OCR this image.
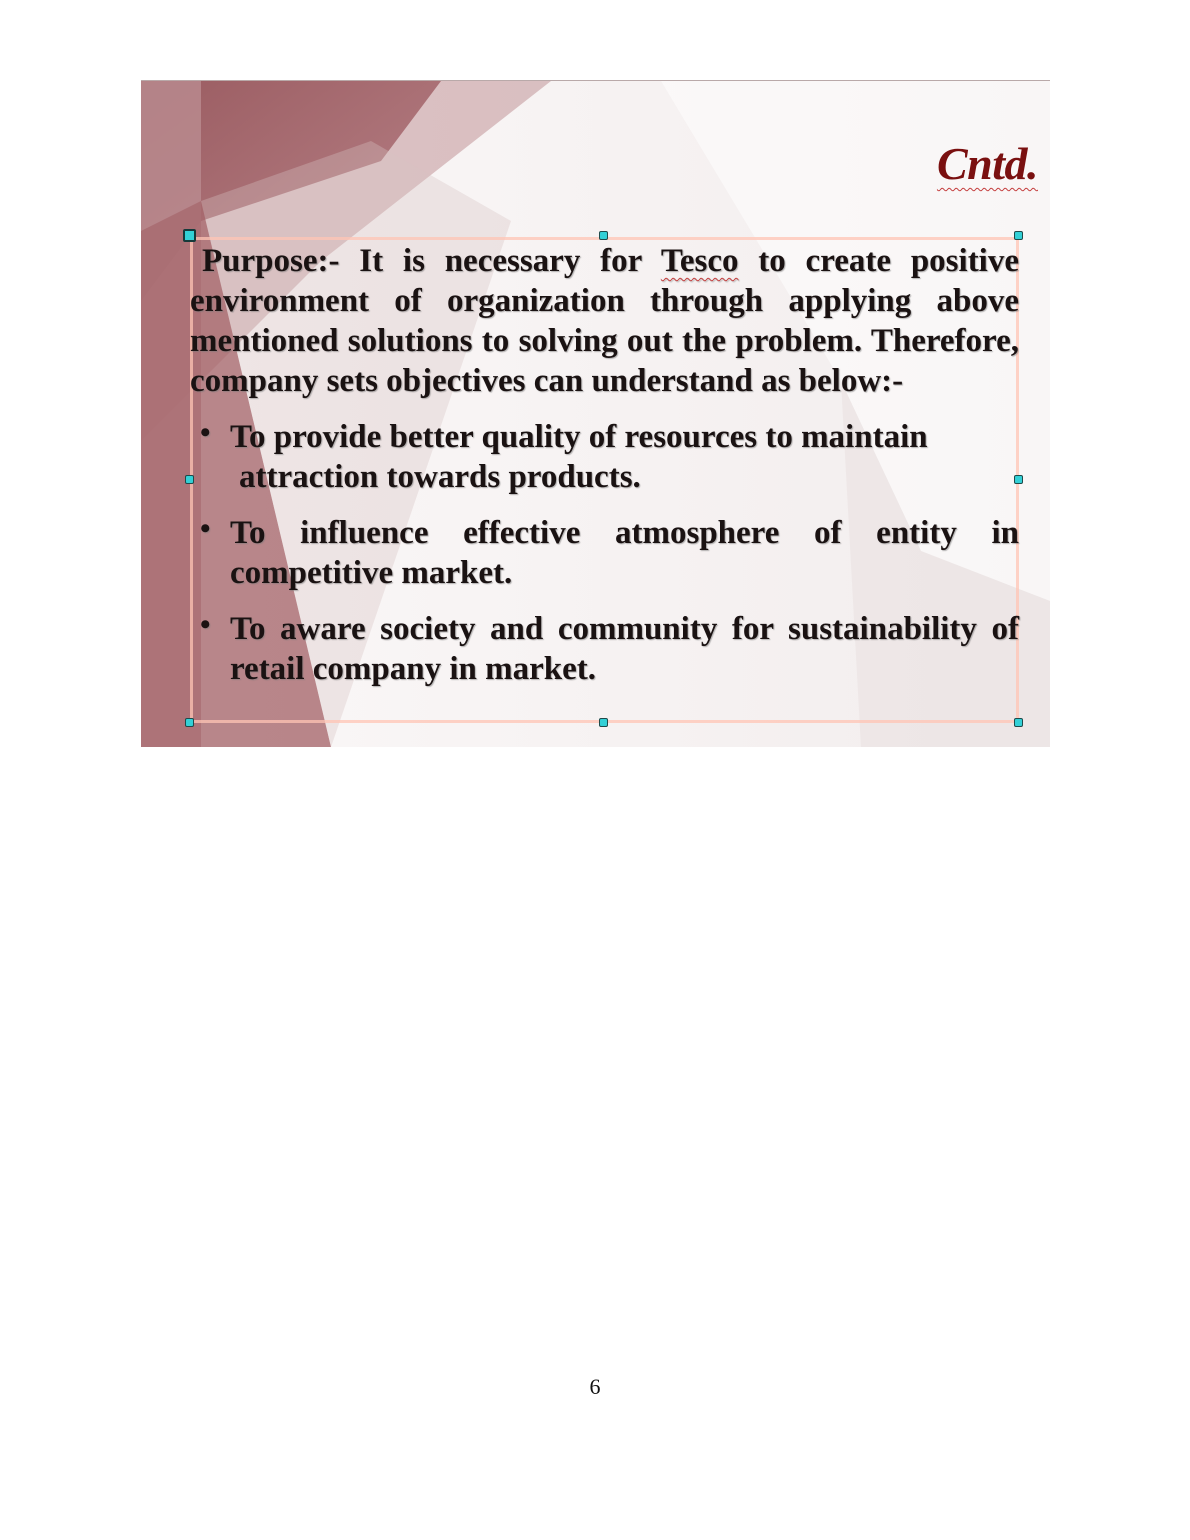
Cntd.

Purpose:- It is necessary for Tesco to create positive environment of organization through applying above mentioned solutions to solving out the problem. Therefore, company sets objectives can understand as below:-

• To provide better quality of resources to maintain
attraction towards products.
• To influence effective atmosphere of entity in competitive market.
• To aware society and community for sustainability of retail company in market.
6
